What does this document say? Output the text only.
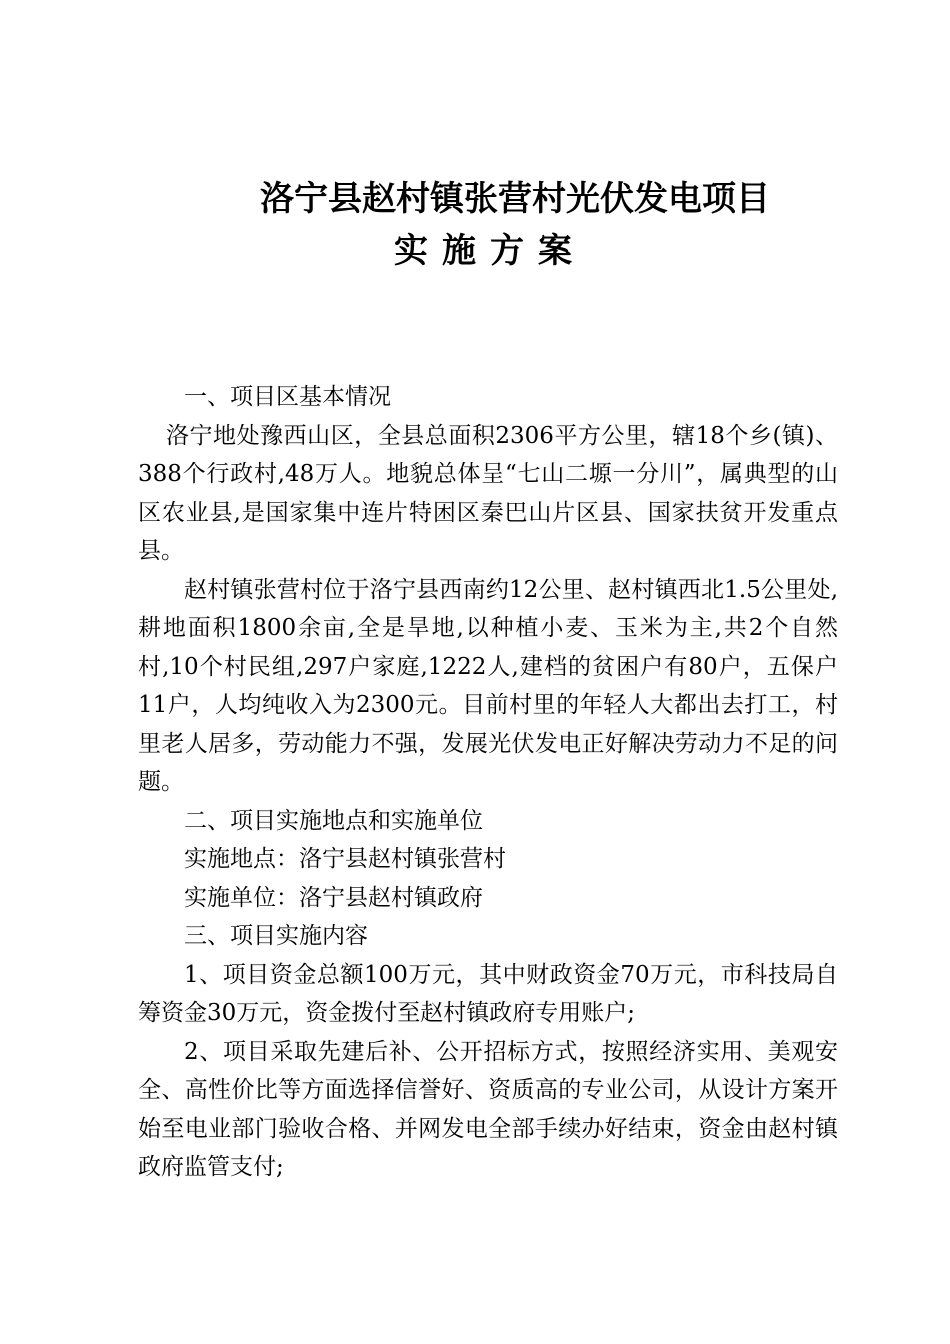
洛宁县赵村镇张营村光伏发电项目
实施方案

一、项目区基本情况

洛宁地处豫西山区，全县总面积2306平方公里，辖18个乡(镇)、388个行政村,48万人。地貌总体呈“七山二塬一分川”，属典型的山区农业县,是国家集中连片特困区秦巴山片区县、国家扶贫开发重点县。

赵村镇张营村位于洛宁县西南约12公里、赵村镇西北1.5公里处,耕地面积1800余亩,全是旱地,以种植小麦、玉米为主,共2个自然村,10个村民组,297户家庭,1222人,建档的贫困户有80户，五保户11户，人均纯收入为2300元。目前村里的年轻人大都出去打工，村里老人居多，劳动能力不强，发展光伏发电正好解决劳动力不足的问题。

二、项目实施地点和实施单位

实施地点：洛宁县赵村镇张营村

实施单位：洛宁县赵村镇政府

三、项目实施内容

1、项目资金总额100万元，其中财政资金70万元，市科技局自筹资金30万元，资金拨付至赵村镇政府专用账户;

2、项目采取先建后补、公开招标方式，按照经济实用、美观安全、高性价比等方面选择信誉好、资质高的专业公司，从设计方案开始至电业部门验收合格、并网发电全部手续办好结束，资金由赵村镇政府监管支付;
